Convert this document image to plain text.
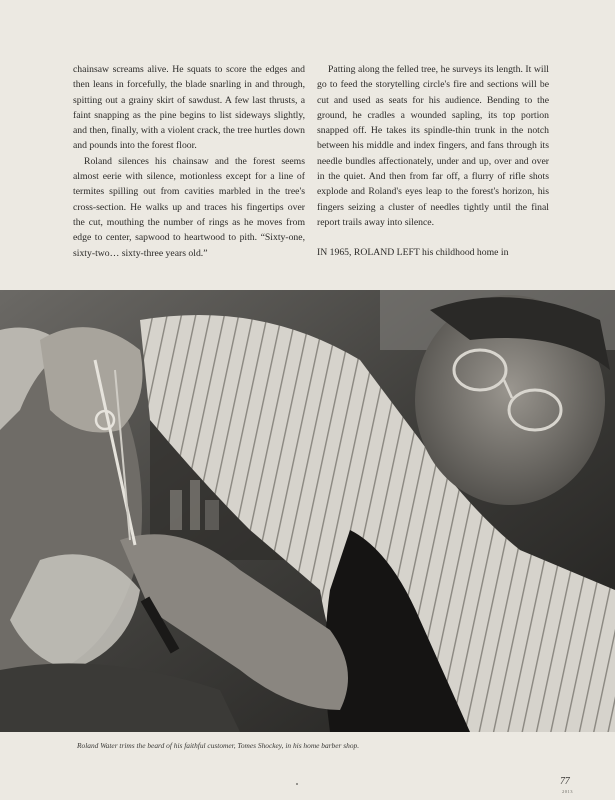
chainsaw screams alive. He squats to score the edges and then leans in forcefully, the blade snarling in and through, spitting out a grainy skirt of sawdust. A few last thrusts, a faint snapping as the pine begins to list sideways slightly, and then, finally, with a violent crack, the tree hurtles down and pounds into the forest floor.

Roland silences his chainsaw and the forest seems almost eerie with silence, motionless except for a line of termites spilling out from cavities marbled in the tree's cross-section. He walks up and traces his fingertips over the cut, mouthing the number of rings as he moves from edge to center, sapwood to heartwood to pith. “Sixty-one, sixty-two… sixty-three years old.”

Patting along the felled tree, he surveys its length. It will go to feed the storytelling circle's fire and sections will be cut and used as seats for his audience. Bending to the ground, he cradles a wounded sapling, its top portion snapped off. He takes its spindle-thin trunk in the notch between his middle and index fingers, and fans through its needle bundles affectionately, under and up, over and over in the quiet. And then from far off, a flurry of rifle shots explode and Roland's eyes leap to the forest's horizon, his fingers seizing a cluster of needles tightly until the final report trails away into silence.

IN 1965, ROLAND LEFT his childhood home in

Roland Water trims the beard of his faithful customer, Tomes Shockey, in his home barber shop.
77
2013
